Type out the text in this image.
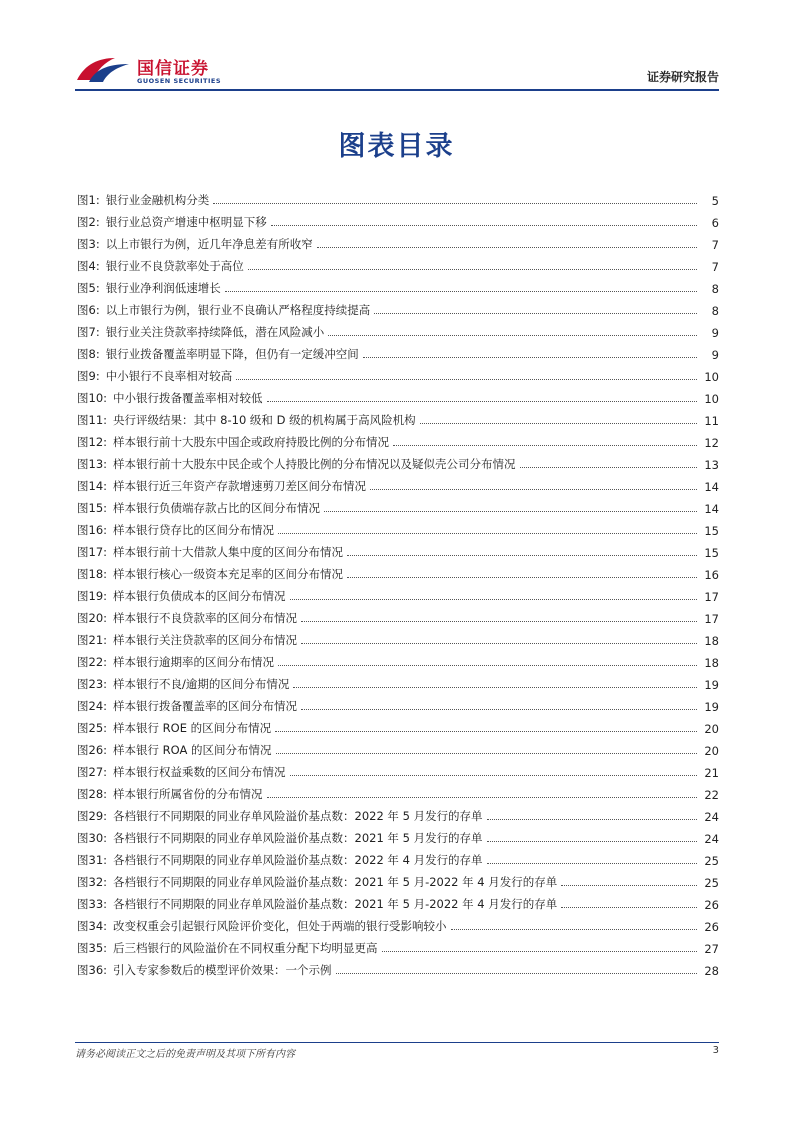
国信证券
GUOSEN SECURITIES	证券研究报告
图表目录
图1: 银行业金融机构分类	5
图2: 银行业总资产增速中枢明显下移	6
图3: 以上市银行为例，近几年净息差有所收窄	7
图4: 银行业不良贷款率处于高位	7
图5: 银行业净利润低速增长	8
图6: 以上市银行为例，银行业不良确认严格程度持续提高	8
图7: 银行业关注贷款率持续降低，潜在风险减小	9
图8: 银行业拨备覆盖率明显下降，但仍有一定缓冲空间	9
图9: 中小银行不良率相对较高	10
图10: 中小银行拨备覆盖率相对较低	10
图11: 央行评级结果：其中 8-10 级和 D 级的机构属于高风险机构	11
图12: 样本银行前十大股东中国企或政府持股比例的分布情况	12
图13: 样本银行前十大股东中民企或个人持股比例的分布情况以及疑似壳公司分布情况	13
图14: 样本银行近三年资产存款增速剪刀差区间分布情况	14
图15: 样本银行负债端存款占比的区间分布情况	14
图16: 样本银行贷存比的区间分布情况	15
图17: 样本银行前十大借款人集中度的区间分布情况	15
图18: 样本银行核心一级资本充足率的区间分布情况	16
图19: 样本银行负债成本的区间分布情况	17
图20: 样本银行不良贷款率的区间分布情况	17
图21: 样本银行关注贷款率的区间分布情况	18
图22: 样本银行逾期率的区间分布情况	18
图23: 样本银行不良/逾期的区间分布情况	19
图24: 样本银行拨备覆盖率的区间分布情况	19
图25: 样本银行 ROE 的区间分布情况	20
图26: 样本银行 ROA 的区间分布情况	20
图27: 样本银行权益乘数的区间分布情况	21
图28: 样本银行所属省份的分布情况	22
图29: 各档银行不同期限的同业存单风险溢价基点数：2022 年 5 月发行的存单	24
图30: 各档银行不同期限的同业存单风险溢价基点数：2021 年 5 月发行的存单	24
图31: 各档银行不同期限的同业存单风险溢价基点数：2022 年 4 月发行的存单	25
图32: 各档银行不同期限的同业存单风险溢价基点数：2021 年 5 月-2022 年 4 月发行的存单	25
图33: 各档银行不同期限的同业存单风险溢价基点数：2021 年 5 月-2022 年 4 月发行的存单	26
图34: 改变权重会引起银行风险评价变化，但处于两端的银行受影响较小	26
图35: 后三档银行的风险溢价在不同权重分配下均明显更高	27
图36: 引入专家参数后的模型评价效果：一个示例	28
请务必阅读正文之后的免责声明及其项下所有内容	3
